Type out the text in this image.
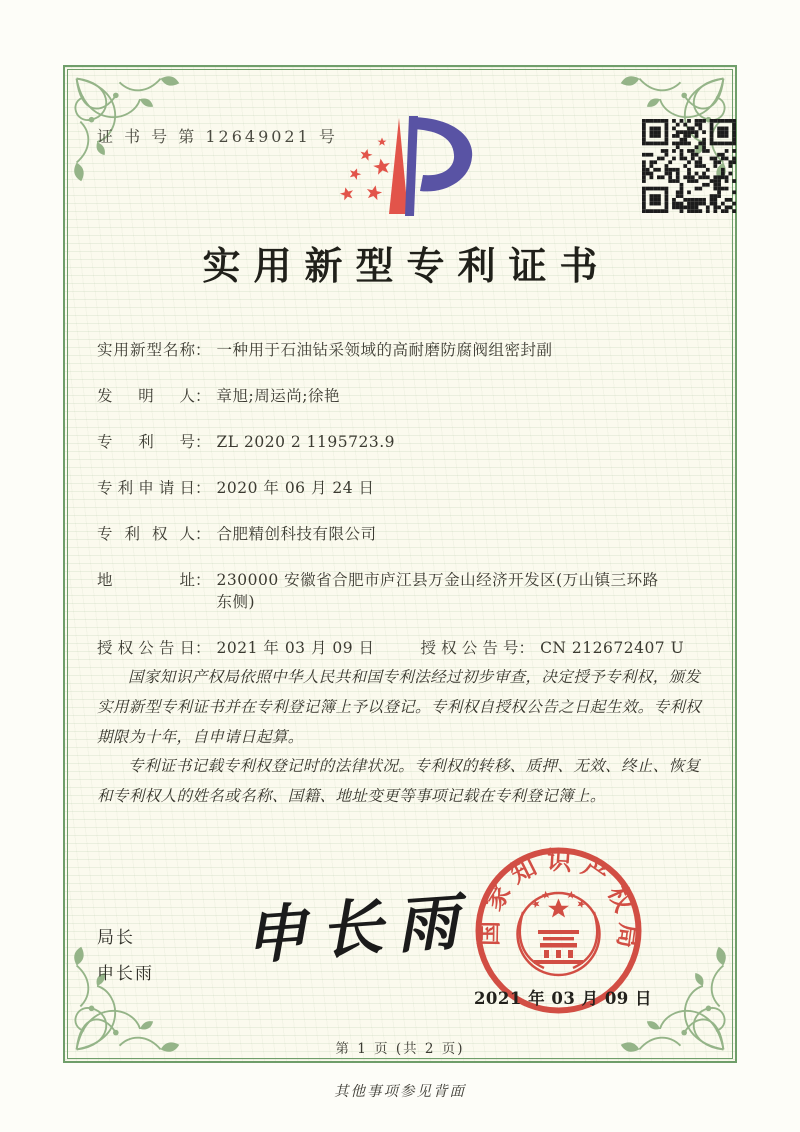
证 书 号 第 12649021 号
实用新型专利证书
实用新型名称 ： 一种用于石油钻采领域的高耐磨防腐阀组密封副
发明人 ： 章旭;周运尚;徐艳
专利号 ： ZL 2020 2 1195723.9
专利申请日 ： 2020 年 06 月 24 日
专利权人 ： 合肥精创科技有限公司
地址 ： 230000 安徽省合肥市庐江县万金山经济开发区(万山镇三环路东侧)
授权公告日 ： 2021 年 03 月 09 日	授权公告号 ： CN 212672407 U

国家知识产权局依照中华人民共和国专利法经过初步审查，决定授予专利权，颁发实用新型专利证书并在专利登记簿上予以登记。专利权自授权公告之日起生效。专利权期限为十年，自申请日起算。

专利证书记载专利权登记时的法律状况。专利权的转移、质押、无效、终止、恢复和专利权人的姓名或名称、国籍、地址变更等事项记载在专利登记簿上。

局长
申长雨
申长雨 国家知识产权局
2021 年 03 月 09 日
第 1 页 (共 2 页)
其他事项参见背面
